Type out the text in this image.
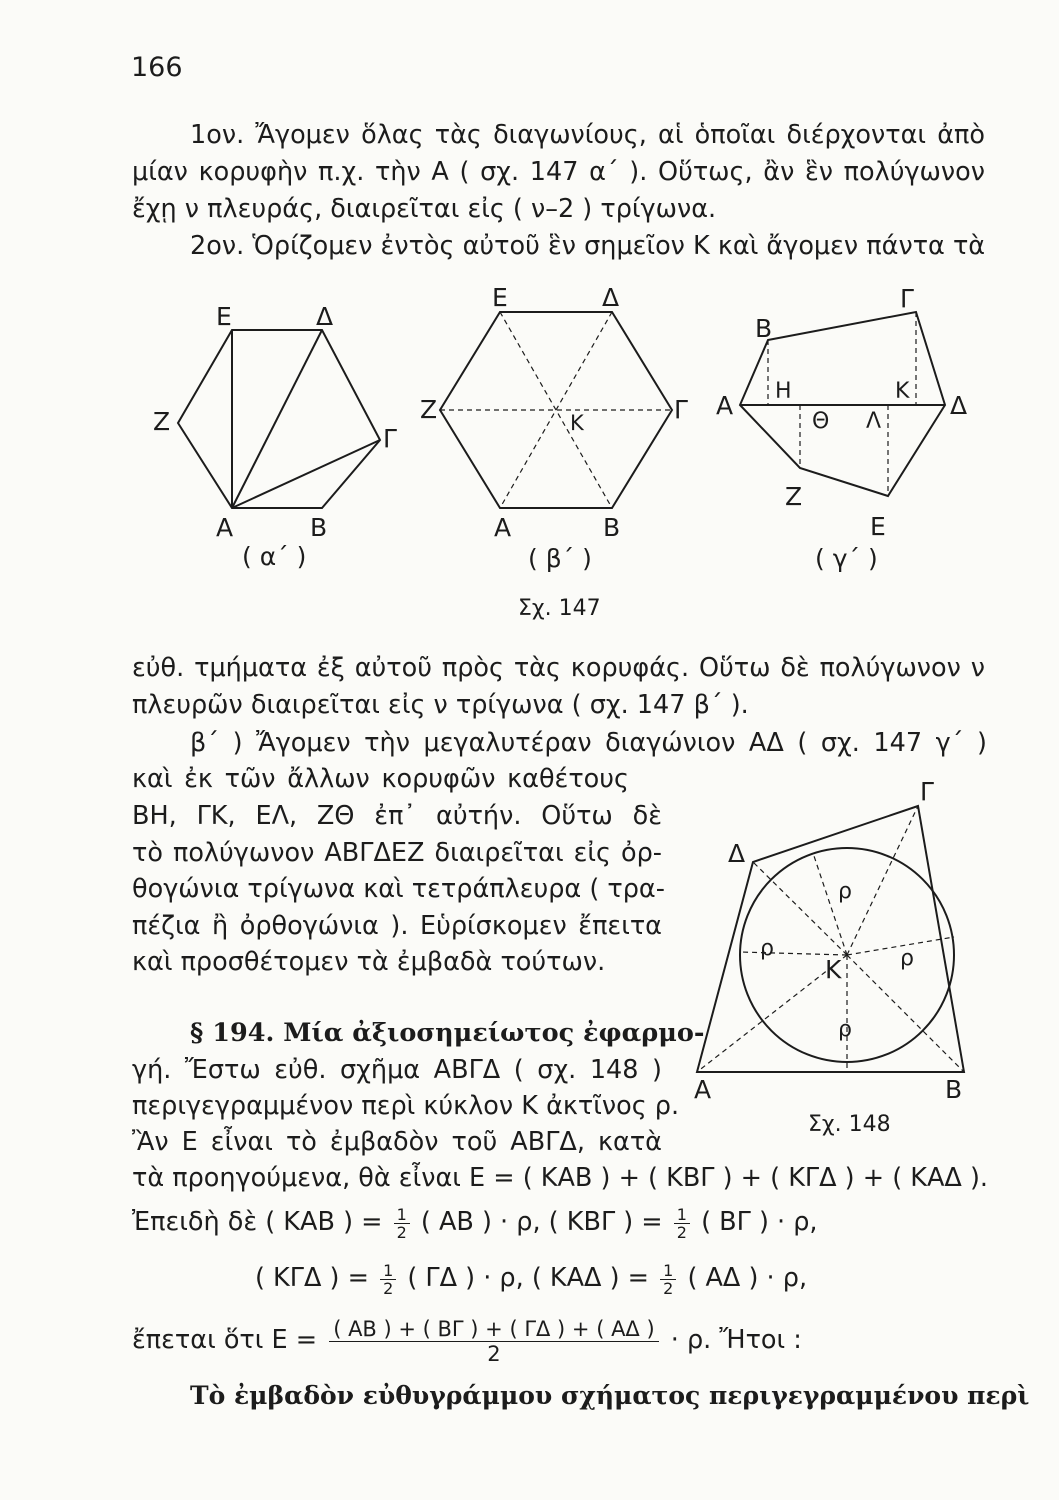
166
1ον. Ἄγομεν ὅλας τὰς διαγωνίους, αἱ ὁποῖαι διέρχονται ἀπὸ
μίαν κορυφὴν π.χ. τὴν Α ( σχ. 147 α΄ ). Οὕτως, ἂν ἓν πολύγωνον
ἔχῃ ν πλευράς, διαιρεῖται εἰς ( ν–2 ) τρίγωνα.
2ον. Ὁρίζομεν ἐντὸς αὐτοῦ ἓν σημεῖον Κ καὶ ἄγομεν πάντα τὰ
Ε	Δ
Ζ
Γ
Α	Β
Ε	Δ
Ζ	Γ
Κ
Α	Β
Β
Γ
Α Η
Θ Λ
Κ Δ
Ζ
Ε
( α΄ )	( β΄ )	( γ΄ )
Σχ. 147
εὐθ. τμήματα ἐξ αὐτοῦ πρὸς τὰς κορυφάς. Οὕτω δὲ πολύγωνον ν
πλευρῶν διαιρεῖται εἰς ν τρίγωνα ( σχ. 147 β΄ ).
β΄ ) Ἄγομεν τὴν μεγαλυτέραν διαγώνιον ΑΔ ( σχ. 147 γ΄ )
καὶ ἐκ τῶν ἄλλων κορυφῶν καθέτους
ΒΗ, ΓΚ, ΕΛ, ΖΘ ἐπ᾽ αὐτήν. Οὕτω δὲ
τὸ πολύγωνον ΑΒΓΔΕΖ διαιρεῖται εἰς ὀρ-
θογώνια τρίγωνα καὶ τετράπλευρα ( τρα-
πέζια ἢ ὀρθογώνια ). Εὑρίσκομεν ἔπειτα
καὶ προσθέτομεν τὰ ἐμβαδὰ τούτων.
§ 194. Μία ἀξιοσημείωτος ἐφαρμο-
γή. Ἔστω εὐθ. σχῆμα ΑΒΓΔ ( σχ. 148 )
περιγεγραμμένον περὶ κύκλον Κ ἀκτῖνος ρ.
Ἂν Ε εἶναι τὸ ἐμβαδὸν τοῦ ΑΒΓΔ, κατὰ
τὰ προηγούμενα, θὰ εἶναι Ε = ( ΚΑΒ ) + ( ΚΒΓ ) + ( ΚΓΔ ) + ( ΚΑΔ ).
Γ
Δ
Α	Β
Κ
ρ
ρ	ρ
ρ
Σχ. 148
Ἐπειδὴ δὲ ( ΚΑΒ ) = $\frac{1}{2}$ ( ΑΒ ) · ρ, ( ΚΒΓ ) = $\frac{1}{2}$ ( ΒΓ ) · ρ,
( ΚΓΔ ) = $\frac{1}{2}$ ( ΓΔ ) · ρ, ( ΚΑΔ ) = $\frac{1}{2}$ ( ΑΔ ) · ρ,
ἔπεται ὅτι $E = \frac{( AB ) + ( B\Gamma ) + ( \Gamma\Delta ) + ( A\Delta )}{2} \cdot \rho$. Ἤτοι :
Τὸ ἐμβαδὸν εὐθυγράμμου σχήματος περιγεγραμμένου περὶ
